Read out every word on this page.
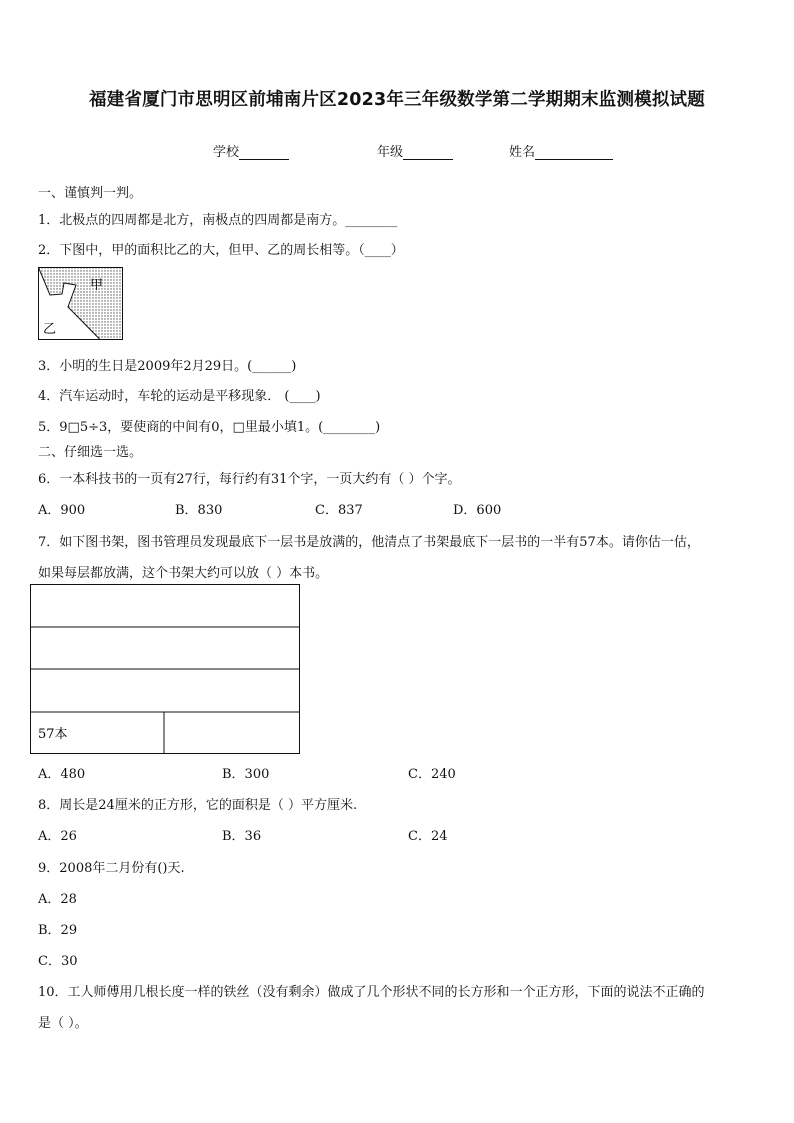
福建省厦门市思明区前埔南片区2023年三年级数学第二学期期末监测模拟试题
学校	年级	姓名
一、谨慎判一判。
1．北极点的四周都是北方，南极点的四周都是南方。________
2．下图中，甲的面积比乙的大，但甲、乙的周长相等。（____）
甲
乙
3．小明的生日是2009年2月29日。(______)
4．汽车运动时，车轮的运动是平移现象． (____)
5．9□5÷3，要使商的中间有0，□里最小填1。(________)
二、仔细选一选。
6．一本科技书的一页有27行，每行约有31个字，一页大约有（ ）个字。
A．900	B．830	C．837	D．600
7．如下图书架，图书管理员发现最底下一层书是放满的，他清点了书架最底下一层书的一半有57本。请你估一估，
如果每层都放满，这个书架大约可以放（ ）本书。
57本
A．480	B．300	C．240
8．周长是24厘米的正方形，它的面积是（ ）平方厘米.
A．26	B．36	C．24
9．2008年二月份有()天.
A．28
B．29
C．30
10．工人师傅用几根长度一样的铁丝（没有剩余）做成了几个形状不同的长方形和一个正方形，下面的说法不正确的
是（ ）。
